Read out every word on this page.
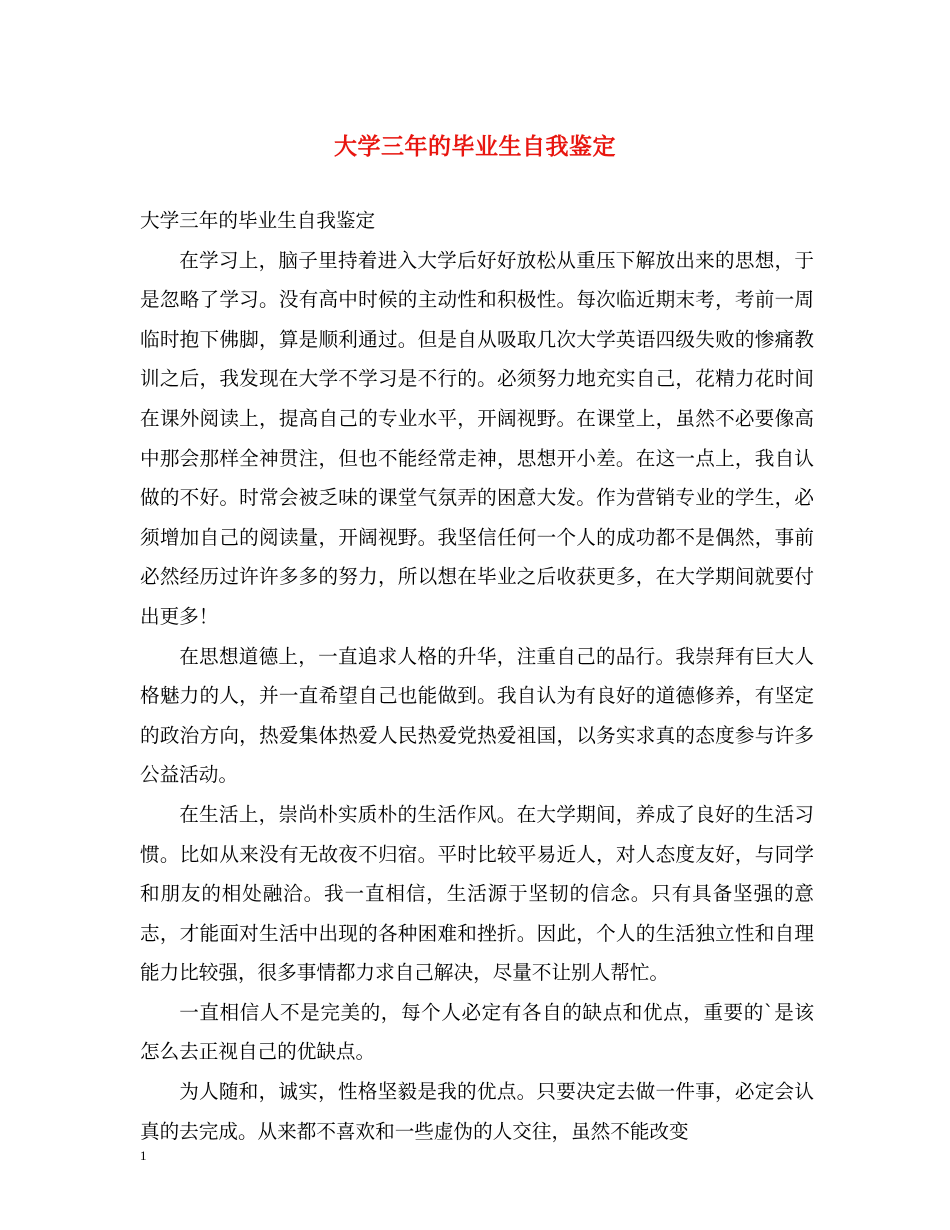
大学三年的毕业生自我鉴定

大学三年的毕业生自我鉴定

在学习上，脑子里持着进入大学后好好放松从重压下解放出来的思想，于是忽略了学习。没有高中时候的主动性和积极性。每次临近期末考，考前一周临时抱下佛脚，算是顺利通过。但是自从吸取几次大学英语四级失败的惨痛教训之后，我发现在大学不学习是不行的。必须努力地充实自己，花精力花时间在课外阅读上，提高自己的专业水平，开阔视野。在课堂上，虽然不必要像高中那会那样全神贯注，但也不能经常走神，思想开小差。在这一点上，我自认做的不好。时常会被乏味的课堂气氛弄的困意大发。作为营销专业的学生，必须增加自己的阅读量，开阔视野。我坚信任何一个人的成功都不是偶然，事前必然经历过许许多多的努力，所以想在毕业之后收获更多，在大学期间就要付出更多！

在思想道德上，一直追求人格的升华，注重自己的品行。我崇拜有巨大人格魅力的人，并一直希望自己也能做到。我自认为有良好的道德修养，有坚定的政治方向，热爱集体热爱人民热爱党热爱祖国，以务实求真的态度参与许多公益活动。

在生活上，崇尚朴实质朴的生活作风。在大学期间，养成了良好的生活习惯。比如从来没有无故夜不归宿。平时比较平易近人，对人态度友好，与同学和朋友的相处融洽。我一直相信，生活源于坚韧的信念。只有具备坚强的意志，才能面对生活中出现的各种困难和挫折。因此，个人的生活独立性和自理能力比较强，很多事情都力求自己解决，尽量不让别人帮忙。

一直相信人不是完美的，每个人必定有各自的缺点和优点，重要的`是该怎么去正视自己的优缺点。

为人随和，诚实，性格坚毅是我的优点。只要决定去做一件事，必定会认真的去完成。从来都不喜欢和一些虚伪的人交往，虽然不能改变

1
